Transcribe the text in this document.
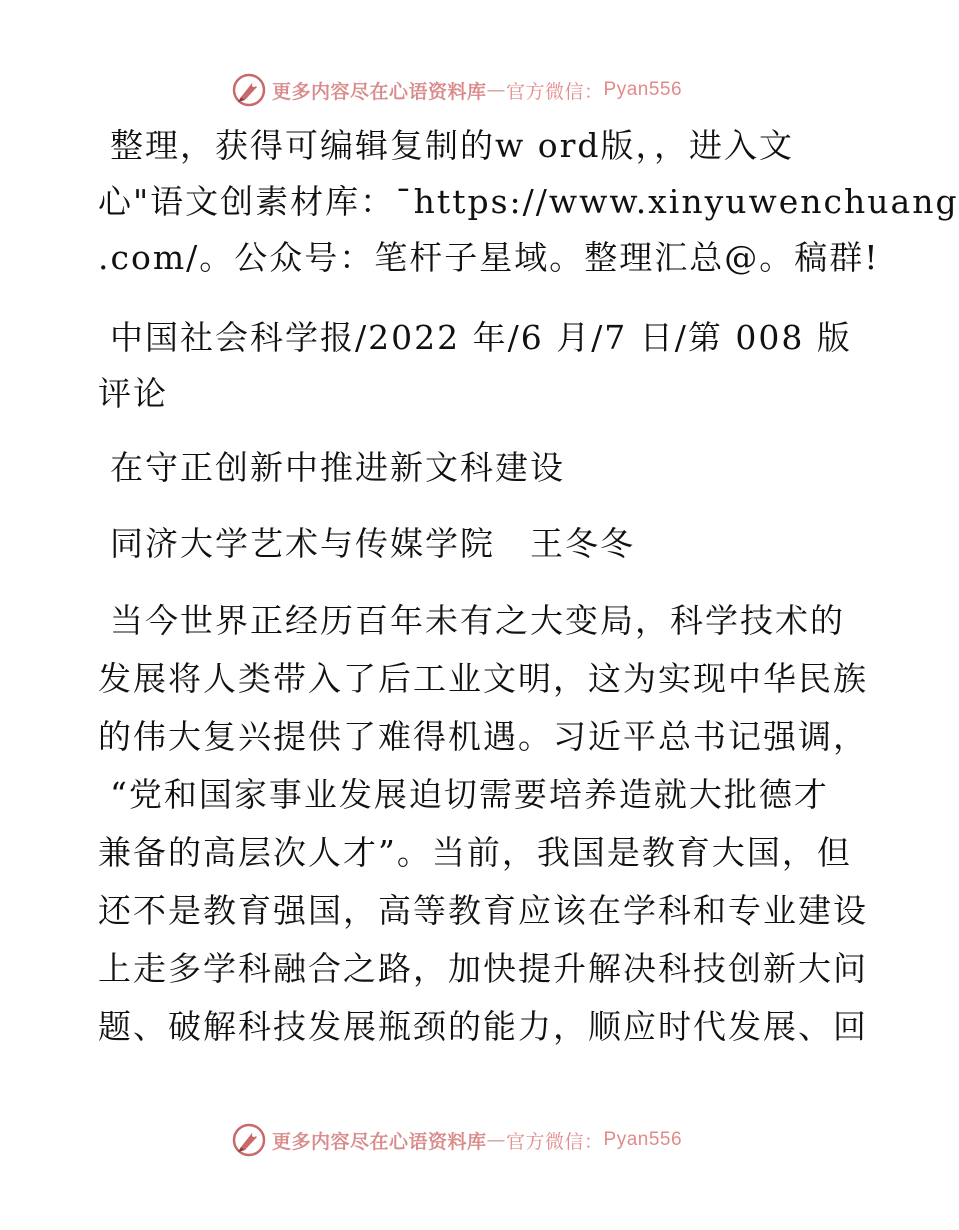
更多内容尽在心语资料库 — 官方微信： Pyan556
整理，获得可编辑复制的w ord版，，进入文
心"语文创素材库：¯https://www.xinyuwenchuang
.com/。公众号：笔杆子星域。整理汇总@。稿群!
中国社会科学报/2022 年/6 月/7 日/第 008 版
评论
在守正创新中推进新文科建设
同济大学艺术与传媒学院　王冬冬
当今世界正经历百年未有之大变局，科学技术的
发展将人类带入了后工业文明，这为实现中华民族
的伟大复兴提供了难得机遇。习近平总书记强调，
“党和国家事业发展迫切需要培养造就大批德才
兼备的高层次人才”。当前，我国是教育大国，但
还不是教育强国，高等教育应该在学科和专业建设
上走多学科融合之路，加快提升解决科技创新大问
题、破解科技发展瓶颈的能力，顺应时代发展、回
更多内容尽在心语资料库 — 官方微信： Pyan556
